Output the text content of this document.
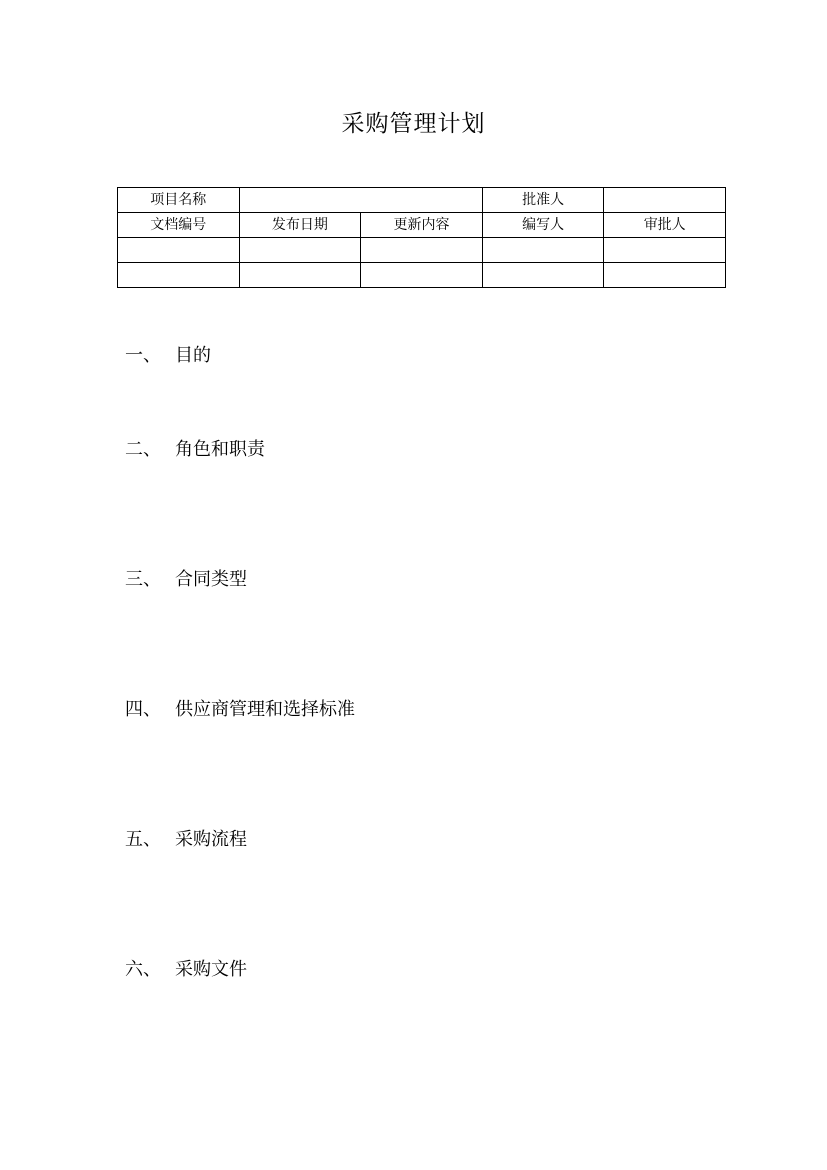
采购管理计划
项目名称			批准人	
文档编号	发布日期	更新内容	编写人	审批人

一、 目的
二、 角色和职责
三、 合同类型
四、 供应商管理和选择标准
五、 采购流程
六、 采购文件
